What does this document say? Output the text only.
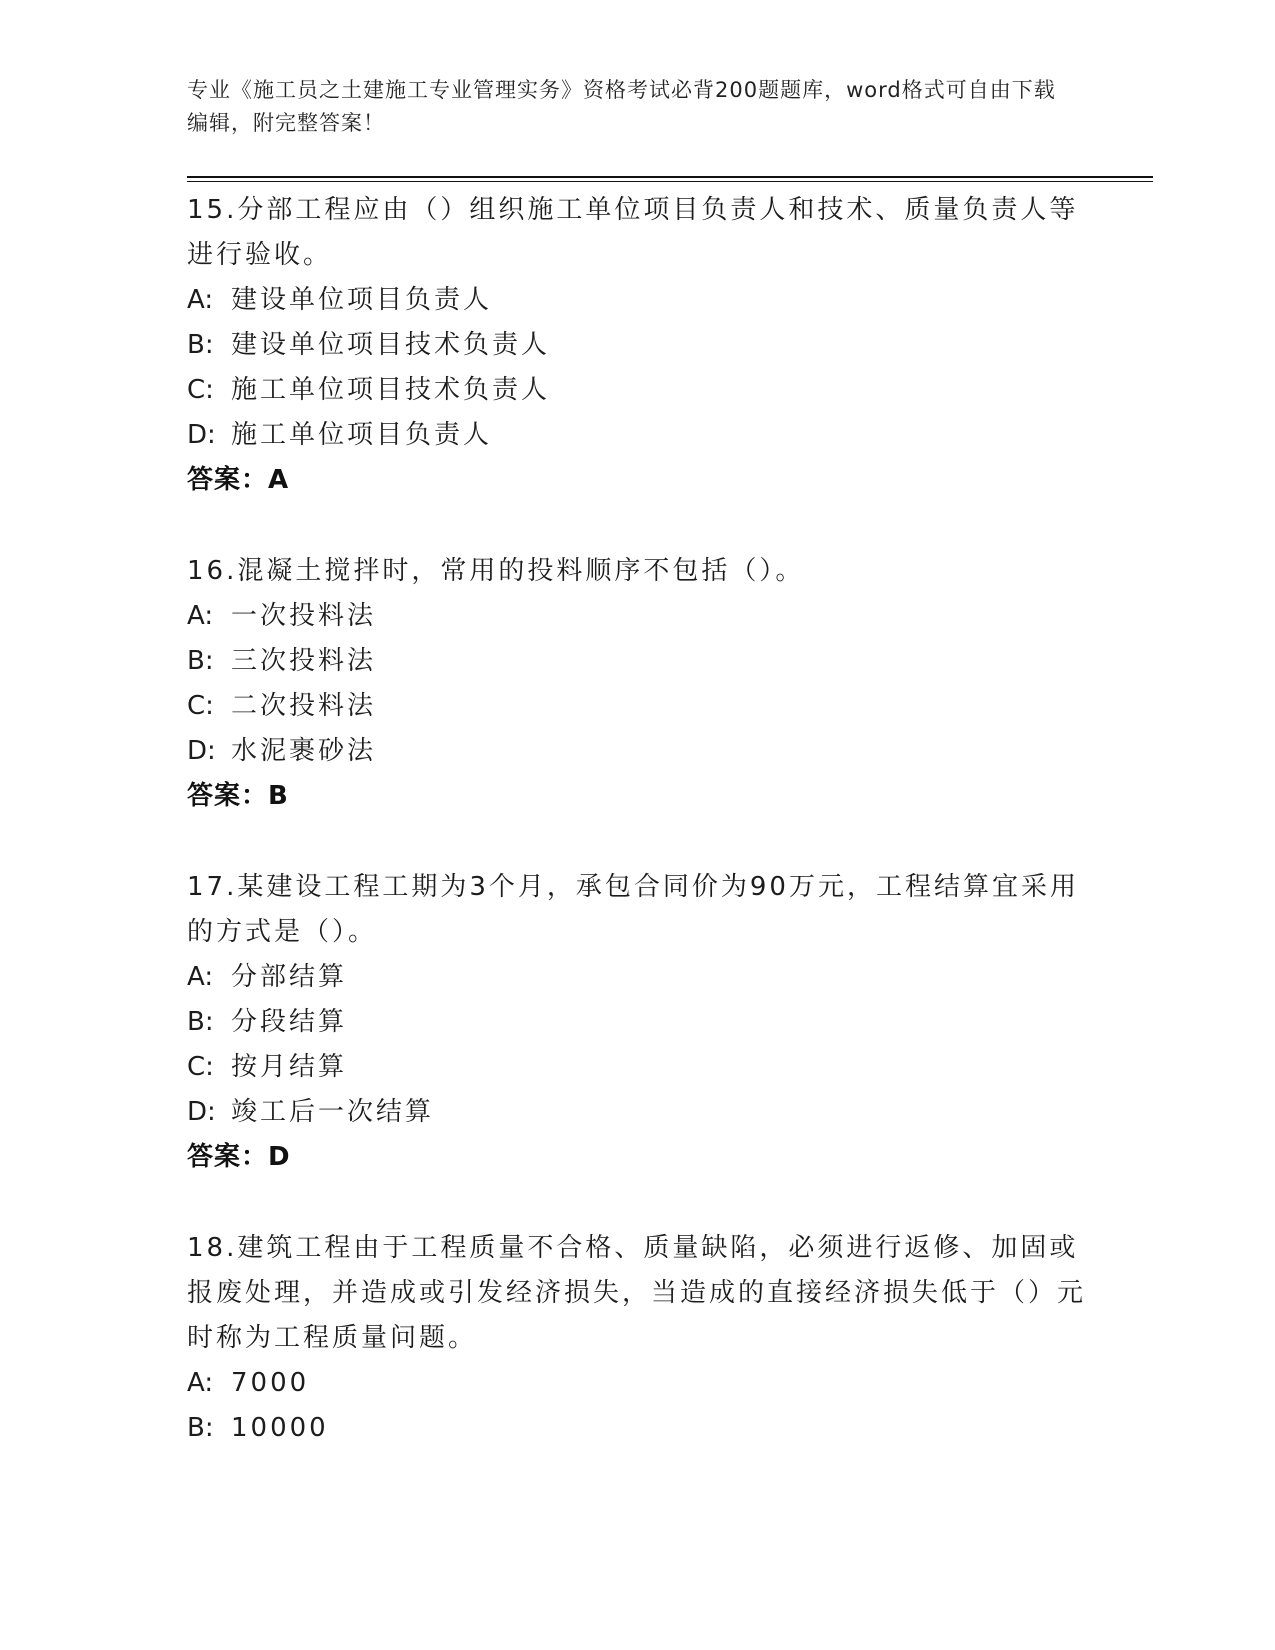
专业《施工员之土建施工专业管理实务》资格考试必背200题题库，word格式可自由下载编辑，附完整答案！
15.分部工程应由（）组织施工单位项目负责人和技术、质量负责人等进行验收。
A: 建设单位项目负责人
B: 建设单位项目技术负责人
C: 施工单位项目技术负责人
D: 施工单位项目负责人
答案：A
16.混凝土搅拌时，常用的投料顺序不包括（）。
A: 一次投料法
B: 三次投料法
C: 二次投料法
D: 水泥裹砂法
答案：B
17.某建设工程工期为3个月，承包合同价为90万元，工程结算宜采用的方式是（）。
A: 分部结算
B: 分段结算
C: 按月结算
D: 竣工后一次结算
答案：D
18.建筑工程由于工程质量不合格、质量缺陷，必须进行返修、加固或报废处理，并造成或引发经济损失，当造成的直接经济损失低于（）元时称为工程质量问题。
A: 7000
B: 10000
